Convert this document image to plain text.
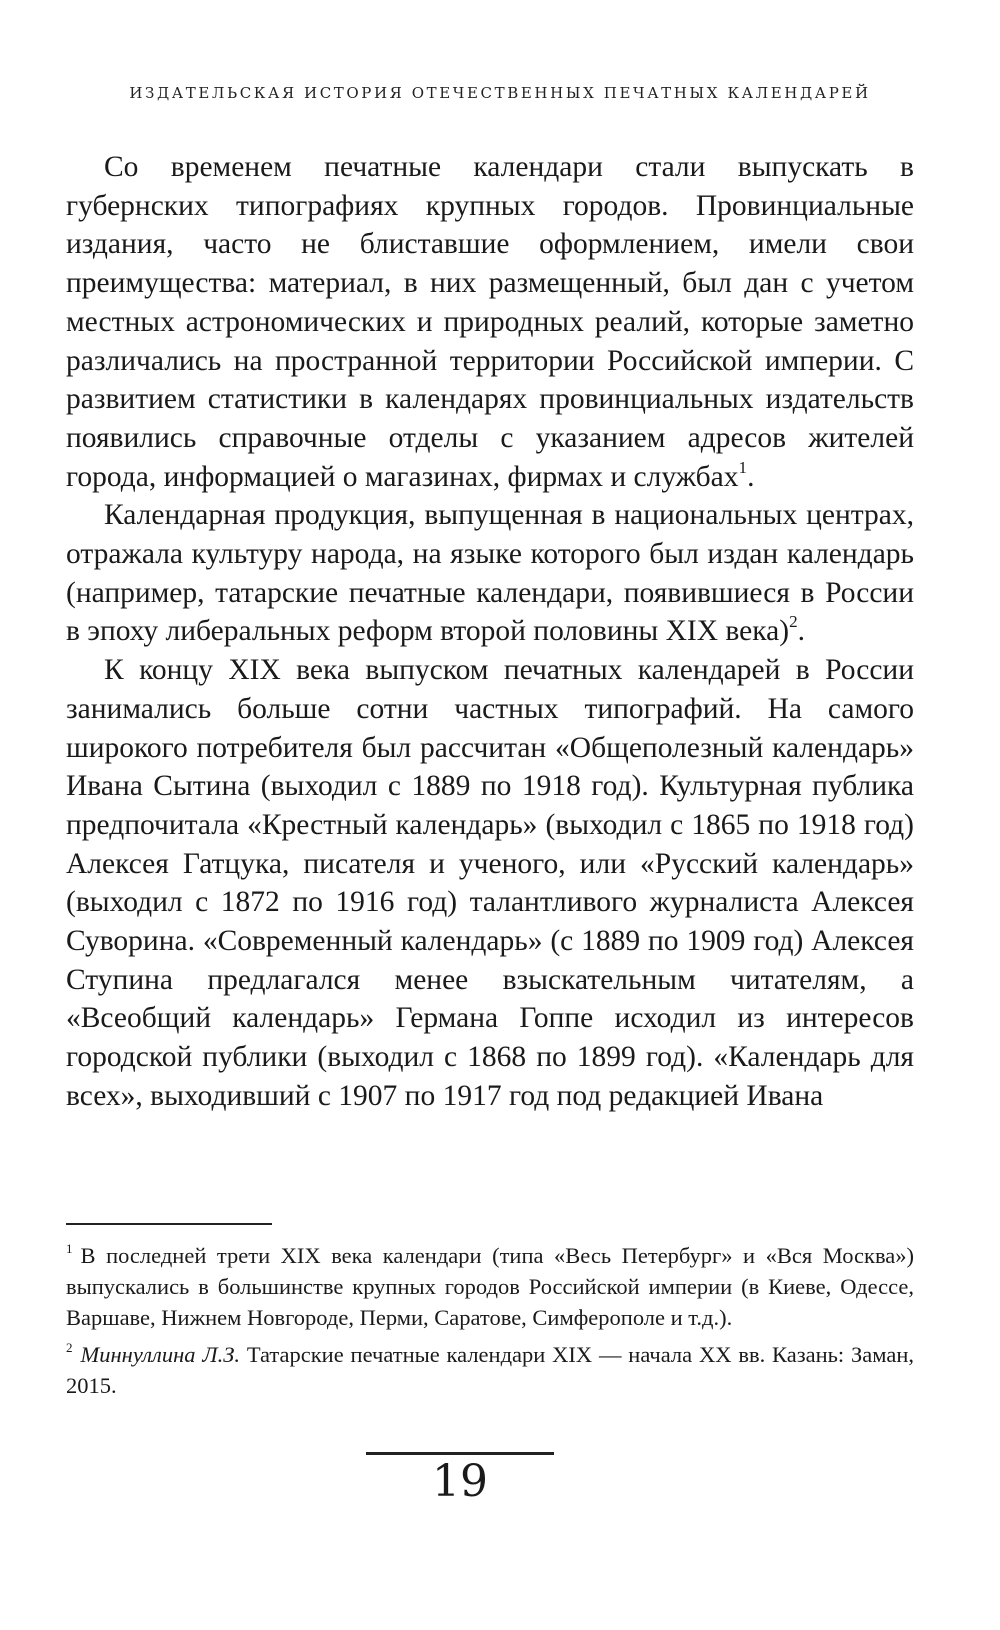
ИЗДАТЕЛЬСКАЯ ИСТОРИЯ ОТЕЧЕСТВЕННЫХ ПЕЧАТНЫХ КАЛЕНДАРЕЙ

Со временем печатные календари стали выпускать в губернских типографиях крупных городов. Провинциальные издания, часто не блиставшие оформлением, имели свои преимущества: материал, в них размещенный, был дан с учетом местных астрономических и природных реалий, которые заметно различались на пространной территории Российской империи. С развитием статистики в календарях провинциальных издательств появились справочные отделы с указанием адресов жителей города, информацией о магазинах, фирмах и службах$^1$.

Календарная продукция, выпущенная в национальных центрах, отражала культуру народа, на языке которого был издан календарь (например, татарские печатные календари, появившиеся в России в эпоху либеральных реформ второй половины XIX века)$^2$.

К концу XIX века выпуском печатных календарей в России занимались больше сотни частных типографий. На самого широкого потребителя был рассчитан «Общеполезный календарь» Ивана Сытина (выходил с 1889 по 1918 год). Культурная публика предпочитала «Крестный календарь» (выходил с 1865 по 1918 год) Алексея Гатцука, писателя и ученого, или «Русский календарь» (выходил с 1872 по 1916 год) талантливого журналиста Алексея Суворина. «Современный календарь» (с 1889 по 1909 год) Алексея Ступина предлагался менее взыскательным читателям, а «Всеобщий календарь» Германа Гоппе исходил из интересов городской публики (выходил с 1868 по 1899 год). «Календарь для всех», выходивший с 1907 по 1917 год под редакцией Ивана

$^1$ В последней трети XIX века календари (типа «Весь Петербург» и «Вся Москва») выпускались в большинстве крупных городов Российской империи (в Киеве, Одессе, Варшаве, Нижнем Новгороде, Перми, Саратове, Симферополе и т.д.).

$^2$ Миннуллина Л.З. Татарские печатные календари XIX — начала XX вв. Казань: Заман, 2015.

19
